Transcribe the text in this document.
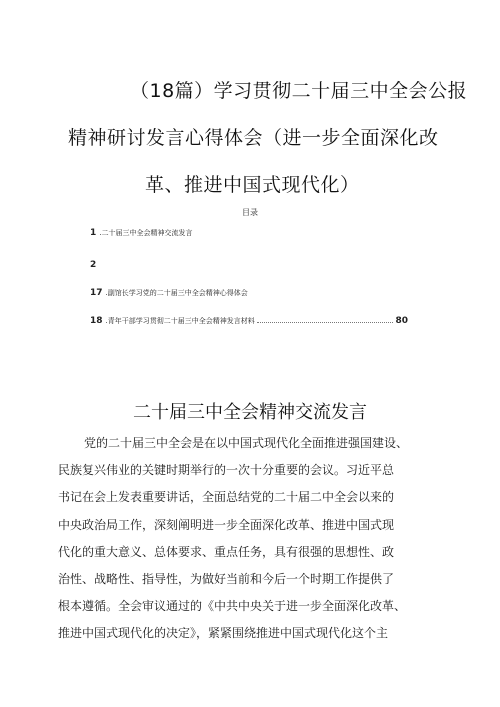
（18篇）学习贯彻二十届三中全会公报
精神研讨发言心得体会（进一步全面深化改
革、推进中国式现代化）
目录
1 .二十届三中全会精神交流发言
2
17 .副馆长学习党的二十届三中全会精神心得体会
18 .青年干部学习贯彻二十届三中全会精神发言材料	80
二十届三中全会精神交流发言
党的二十届三中全会是在以中国式现代化全面推进强国建设、
民族复兴伟业的关键时期举行的一次十分重要的会议。习近平总
书记在会上发表重要讲话，全面总结党的二十届二中全会以来的
中央政治局工作，深刻阐明进一步全面深化改革、推进中国式现
代化的重大意义、总体要求、重点任务，具有很强的思想性、政
治性、战略性、指导性，为做好当前和今后一个时期工作提供了
根本遵循。全会审议通过的《中共中央关于进一步全面深化改革、
推进中国式现代化的决定》，紧紧围绕推进中国式现代化这个主
